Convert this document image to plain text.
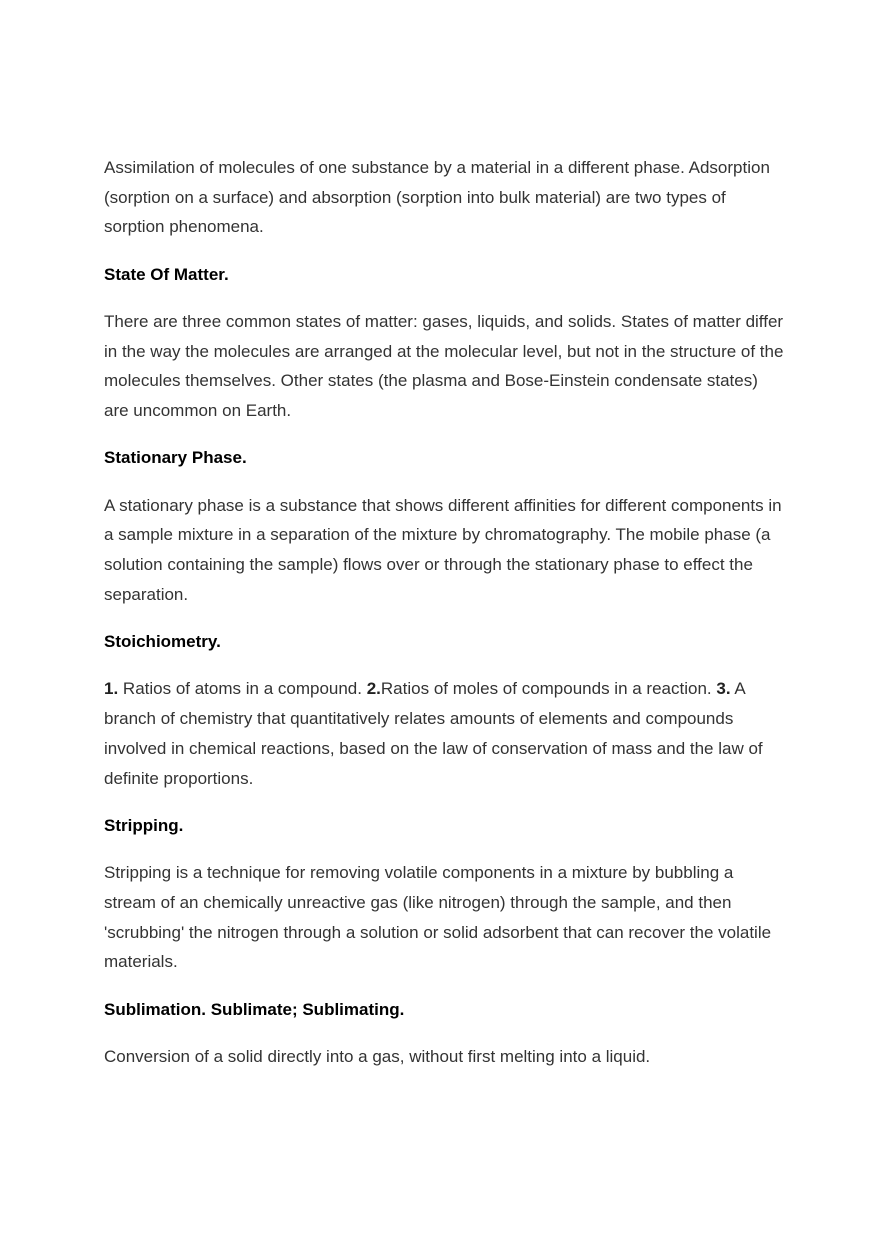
Assimilation of molecules of one substance by a material in a different phase. Adsorption (sorption on a surface) and absorption (sorption into bulk material) are two types of sorption phenomena.

State Of Matter.

There are three common states of matter: gases, liquids, and solids. States of matter differ in the way the molecules are arranged at the molecular level, but not in the structure of the molecules themselves. Other states (the plasma and Bose-Einstein condensate states) are uncommon on Earth.

Stationary Phase.

A stationary phase is a substance that shows different affinities for different components in a sample mixture in a separation of the mixture by chromatography. The mobile phase (a solution containing the sample) flows over or through the stationary phase to effect the separation.

Stoichiometry.

1. Ratios of atoms in a compound. 2.Ratios of moles of compounds in a reaction. 3. A branch of chemistry that quantitatively relates amounts of elements and compounds involved in chemical reactions, based on the law of conservation of mass and the law of definite proportions.

Stripping.

Stripping is a technique for removing volatile components in a mixture by bubbling a stream of an chemically unreactive gas (like nitrogen) through the sample, and then 'scrubbing' the nitrogen through a solution or solid adsorbent that can recover the volatile materials.

Sublimation. Sublimate; Sublimating.

Conversion of a solid directly into a gas, without first melting into a liquid.
